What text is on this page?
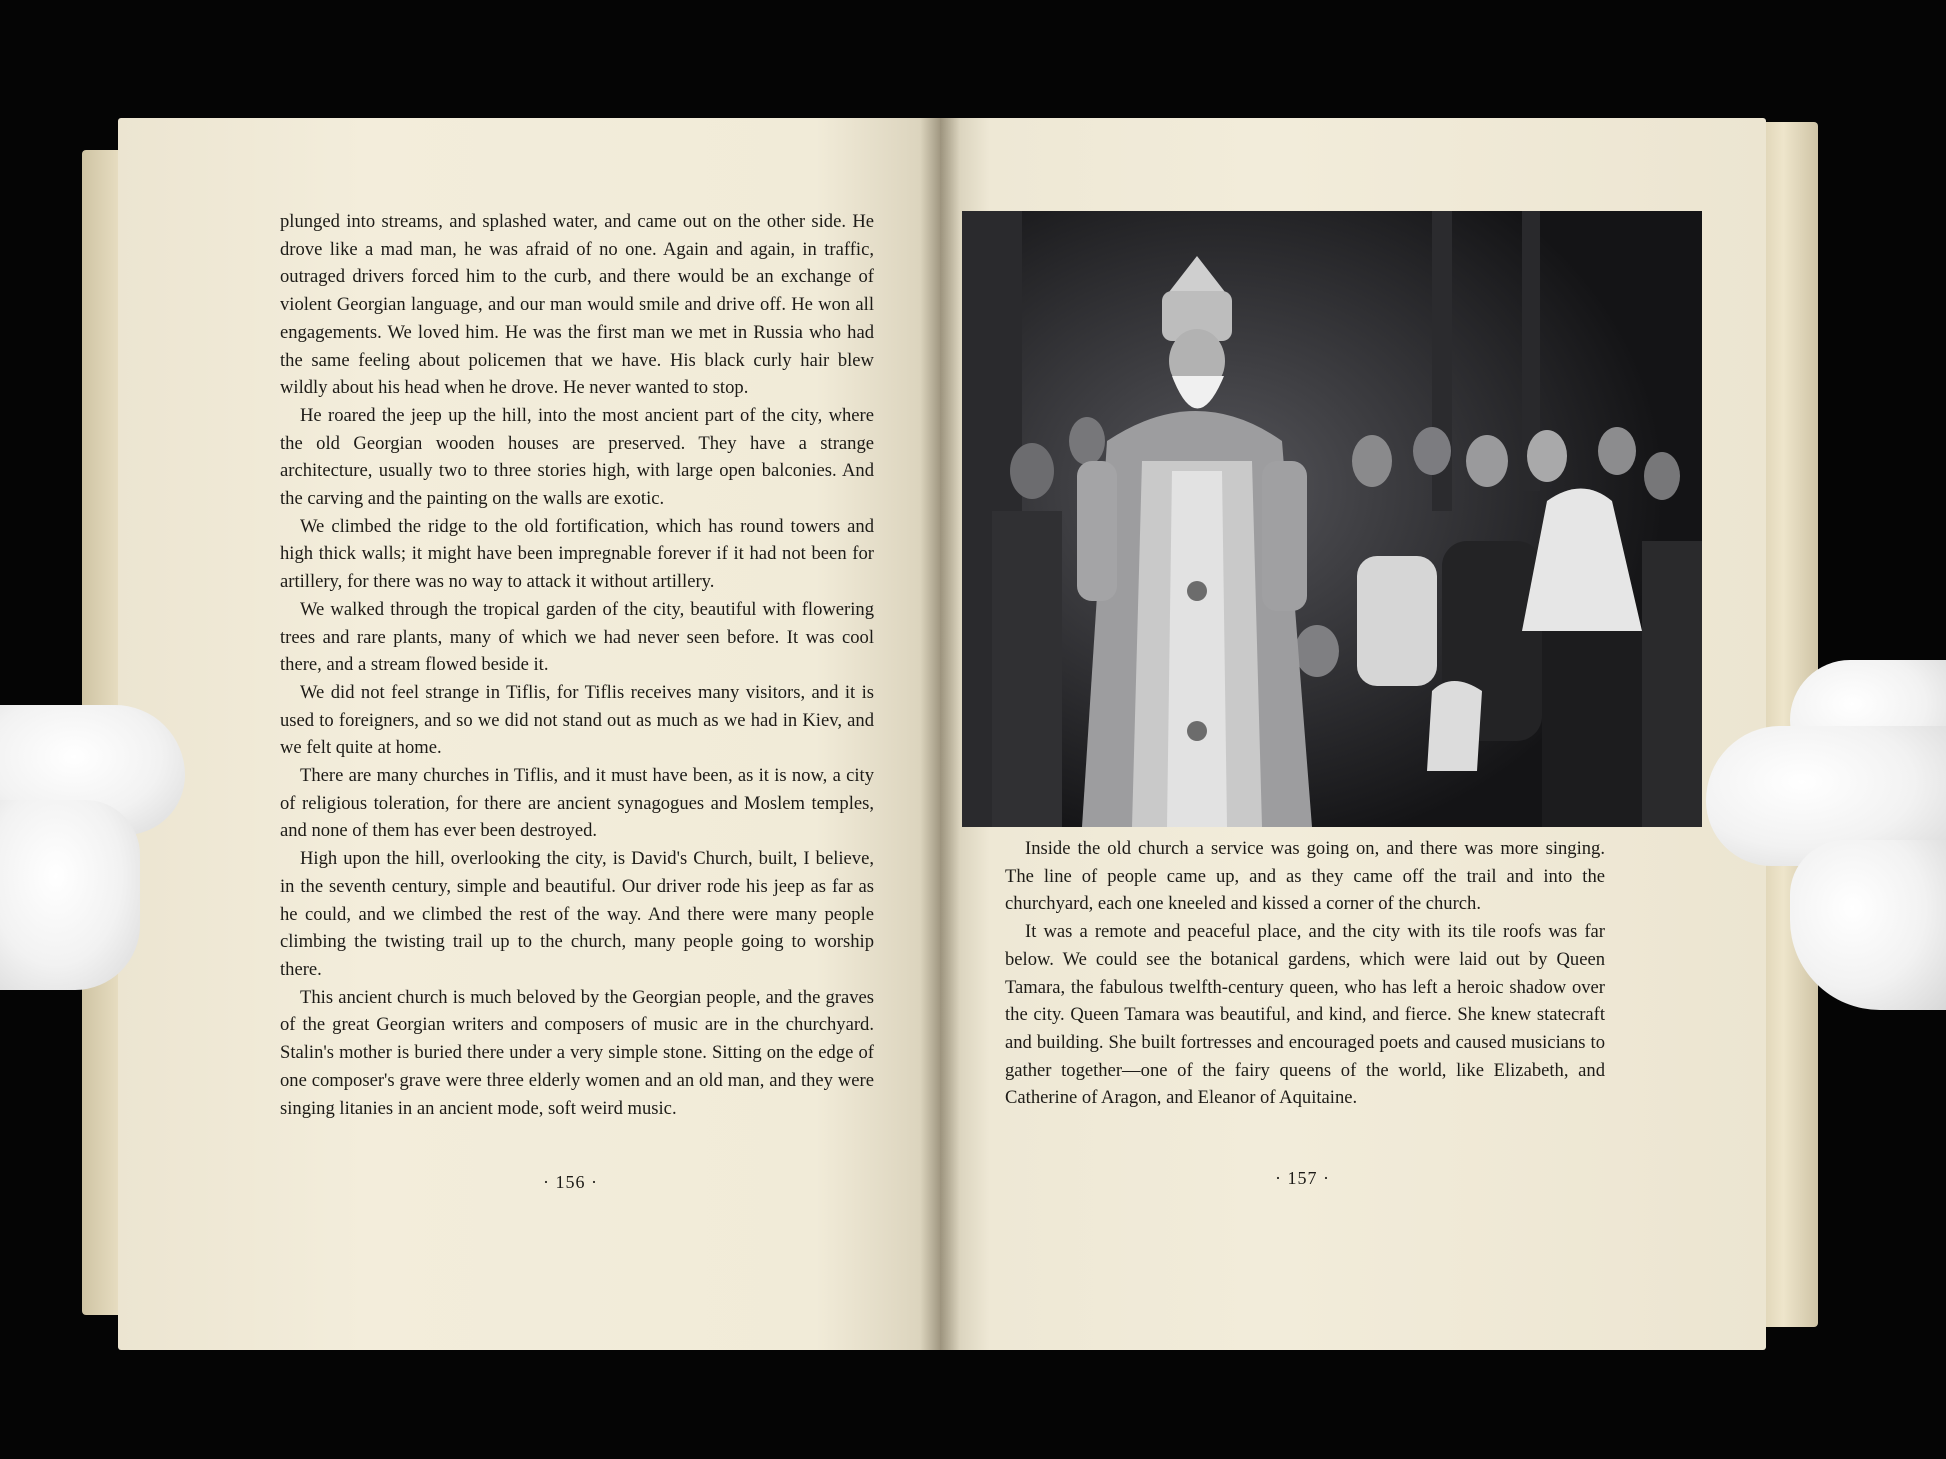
plunged into streams, and splashed water, and came out on the other side. He drove like a mad man, he was afraid of no one. Again and again, in traffic, outraged drivers forced him to the curb, and there would be an exchange of violent Georgian language, and our man would smile and drive off. He won all engagements. We loved him. He was the first man we met in Russia who had the same feeling about policemen that we have. His black curly hair blew wildly about his head when he drove. He never wanted to stop.

He roared the jeep up the hill, into the most ancient part of the city, where the old Georgian wooden houses are preserved. They have a strange architecture, usually two to three stories high, with large open balconies. And the carving and the painting on the walls are exotic.

We climbed the ridge to the old fortification, which has round towers and high thick walls; it might have been impregnable forever if it had not been for artillery, for there was no way to attack it without artillery.

We walked through the tropical garden of the city, beautiful with flowering trees and rare plants, many of which we had never seen before. It was cool there, and a stream flowed beside it.

We did not feel strange in Tiflis, for Tiflis receives many visitors, and it is used to foreigners, and so we did not stand out as much as we had in Kiev, and we felt quite at home.

There are many churches in Tiflis, and it must have been, as it is now, a city of religious toleration, for there are ancient synagogues and Moslem temples, and none of them has ever been destroyed.

High upon the hill, overlooking the city, is David's Church, built, I believe, in the seventh century, simple and beautiful. Our driver rode his jeep as far as he could, and we climbed the rest of the way. And there were many people climbing the twisting trail up to the church, many people going to worship there.

This ancient church is much beloved by the Georgian people, and the graves of the great Georgian writers and composers of music are in the churchyard. Stalin's mother is buried there under a very simple stone. Sitting on the edge of one composer's grave were three elderly women and an old man, and they were singing litanies in an ancient mode, soft weird music.

· 156 ·

Inside the old church a service was going on, and there was more singing. The line of people came up, and as they came off the trail and into the churchyard, each one kneeled and kissed a corner of the church.

It was a remote and peaceful place, and the city with its tile roofs was far below. We could see the botanical gardens, which were laid out by Queen Tamara, the fabulous twelfth-century queen, who has left a heroic shadow over the city. Queen Tamara was beautiful, and kind, and fierce. She knew statecraft and building. She built fortresses and encouraged poets and caused musicians to gather together—one of the fairy queens of the world, like Elizabeth, and Catherine of Aragon, and Eleanor of Aquitaine.

· 157 ·
